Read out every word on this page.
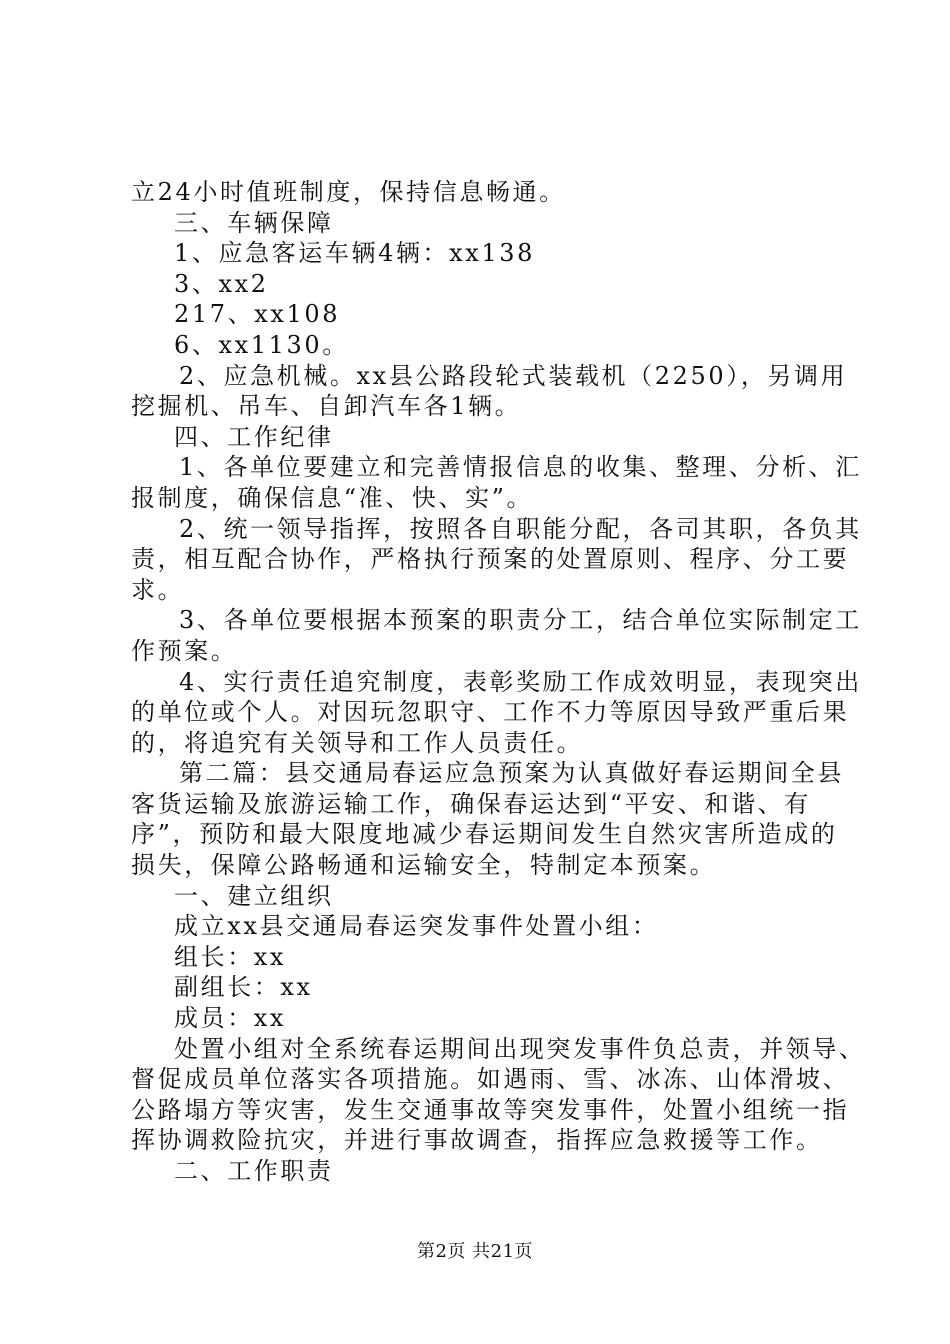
立24小时值班制度，保持信息畅通。
三、车辆保障
1、应急客运车辆4辆：xx138
3、xx2
217、xx108
6、xx1130。
2、应急机械。xx县公路段轮式装载机（2250），另调用
挖掘机、吊车、自卸汽车各1辆。
四、工作纪律
1、各单位要建立和完善情报信息的收集、整理、分析、汇
报制度，确保信息“准、快、实”。
2、统一领导指挥，按照各自职能分配，各司其职，各负其
责，相互配合协作，严格执行预案的处置原则、程序、分工要
求。
3、各单位要根据本预案的职责分工，结合单位实际制定工
作预案。
4、实行责任追究制度，表彰奖励工作成效明显，表现突出
的单位或个人。对因玩忽职守、工作不力等原因导致严重后果
的，将追究有关领导和工作人员责任。
第二篇：县交通局春运应急预案为认真做好春运期间全县
客货运输及旅游运输工作，确保春运达到“平安、和谐、有
序”，预防和最大限度地减少春运期间发生自然灾害所造成的
损失，保障公路畅通和运输安全，特制定本预案。
一、建立组织
成立xx县交通局春运突发事件处置小组：
组长：xx
副组长：xx
成员：xx
处置小组对全系统春运期间出现突发事件负总责，并领导、
督促成员单位落实各项措施。如遇雨、雪、冰冻、山体滑坡、
公路塌方等灾害，发生交通事故等突发事件，处置小组统一指
挥协调救险抗灾，并进行事故调查，指挥应急救援等工作。
二、工作职责
第2页 共21页
